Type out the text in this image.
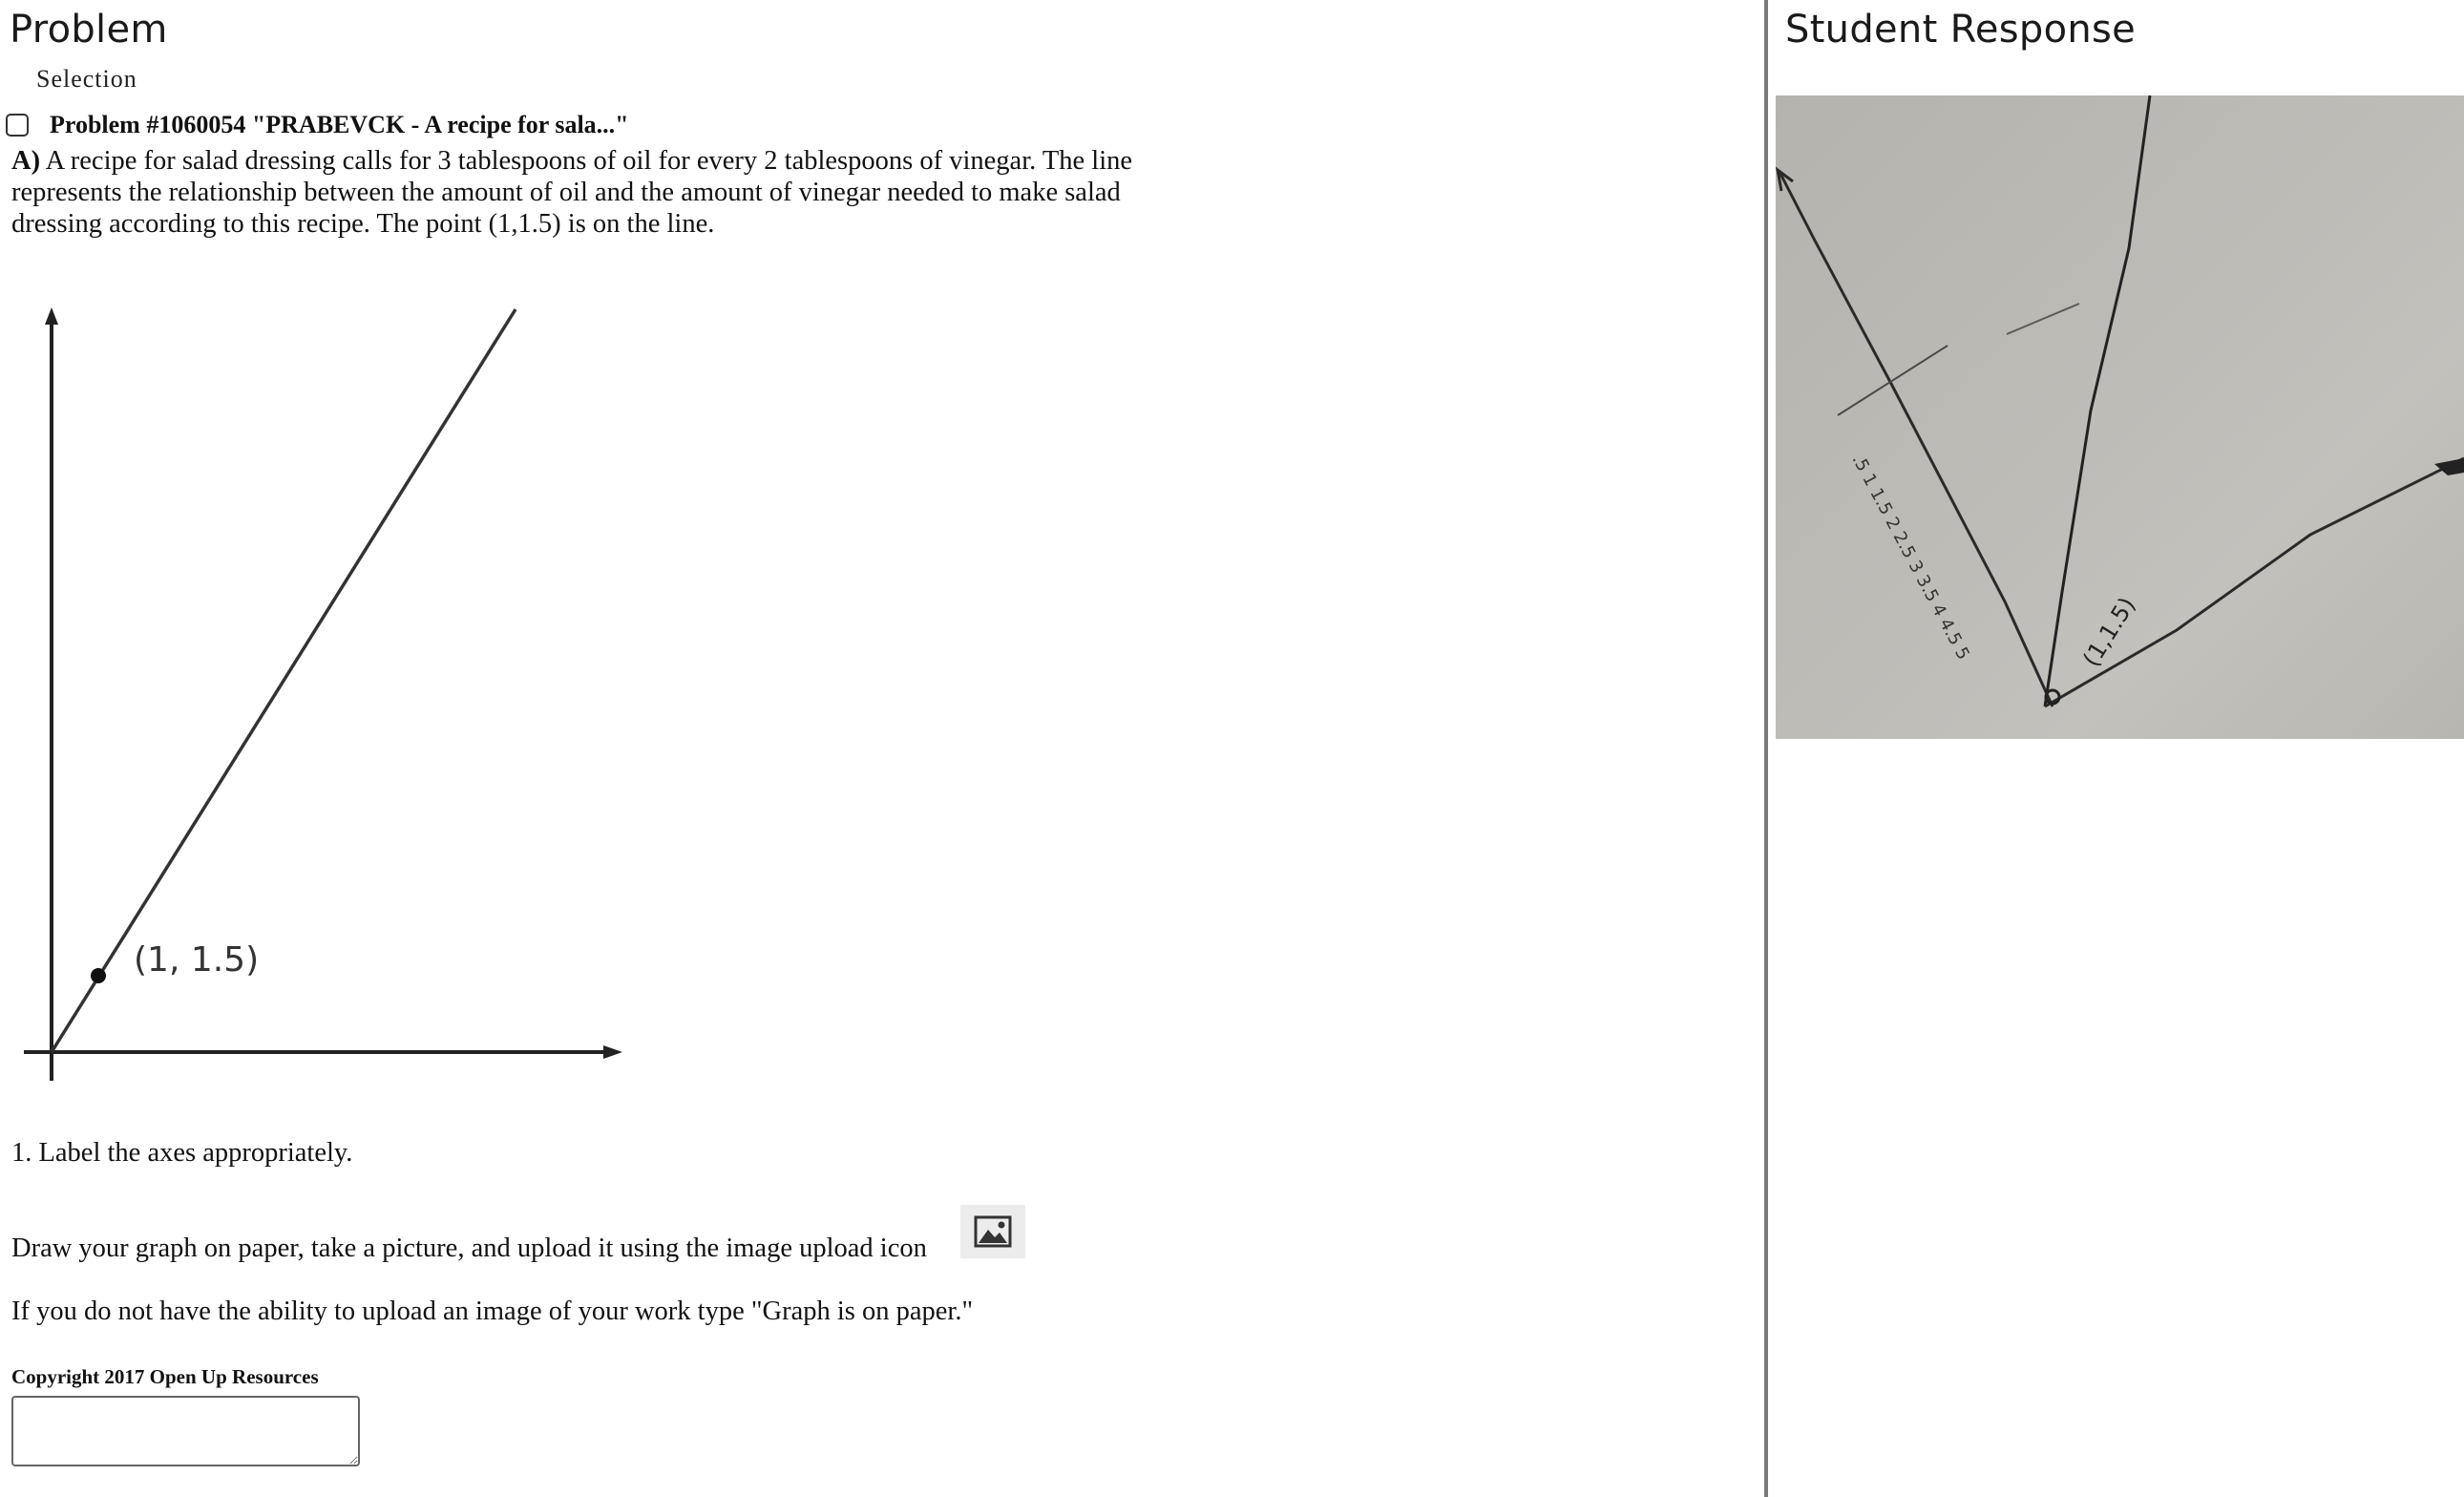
Problem
Selection
Problem #1060054 "PRABEVCK - A recipe for sala..."

A) A recipe for salad dressing calls for 3 tablespoons of oil for every 2 tablespoons of vinegar. The line represents the relationship between the amount of oil and the amount of vinegar needed to make salad dressing according to this recipe. The point (1,1.5) is on the line.

(1, 1.5)

1. Label the axes appropriately.

Draw your graph on paper, take a picture, and upload it using the image upload icon

If you do not have the ability to upload an image of your work type "Graph is on paper."

Copyright 2017 Open Up Resources

Student Response
.5 1 1.5 2 2.5 3 3.5 4 4.5 5	(1,1.5)
